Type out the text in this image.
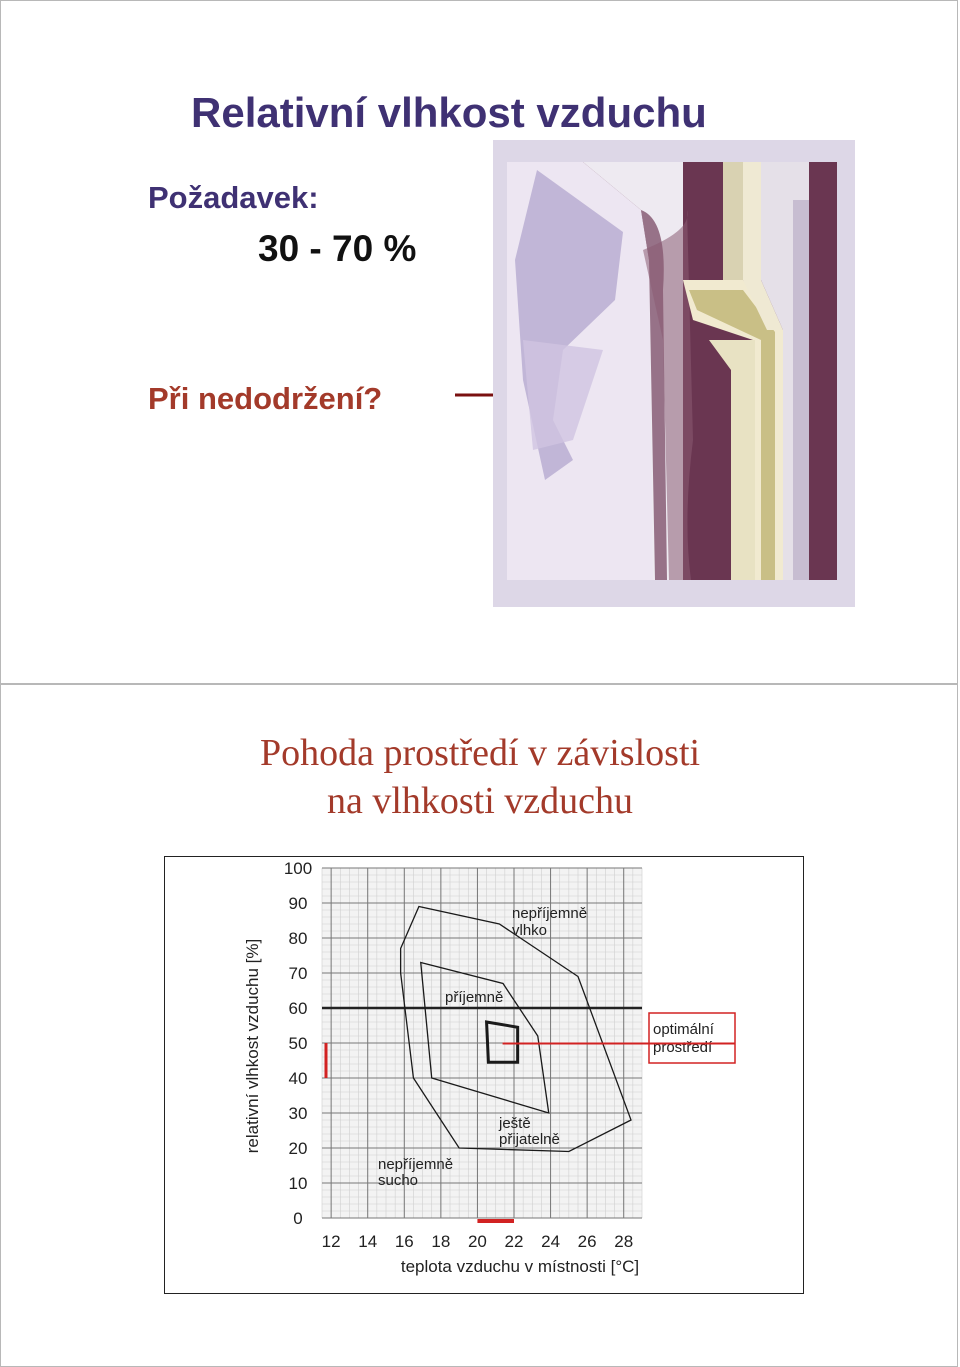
Relativní vlhkost vzduchu
Požadavek:
30 - 70 %
Při nedodržení?
Pohoda prostředí v závislosti
na vlhkosti vzduchu
0
10
20
30
40
50
60
70
80
90
100
12 14 16 18 20 22 24 26 28
relativní vlhkost vzduchu [%]
teplota vzduchu v místnosti [°C]
nepříjemně
vlhko
příjemně
ještě
přijatelně
nepříjemně
sucho
optimální
prostředí
